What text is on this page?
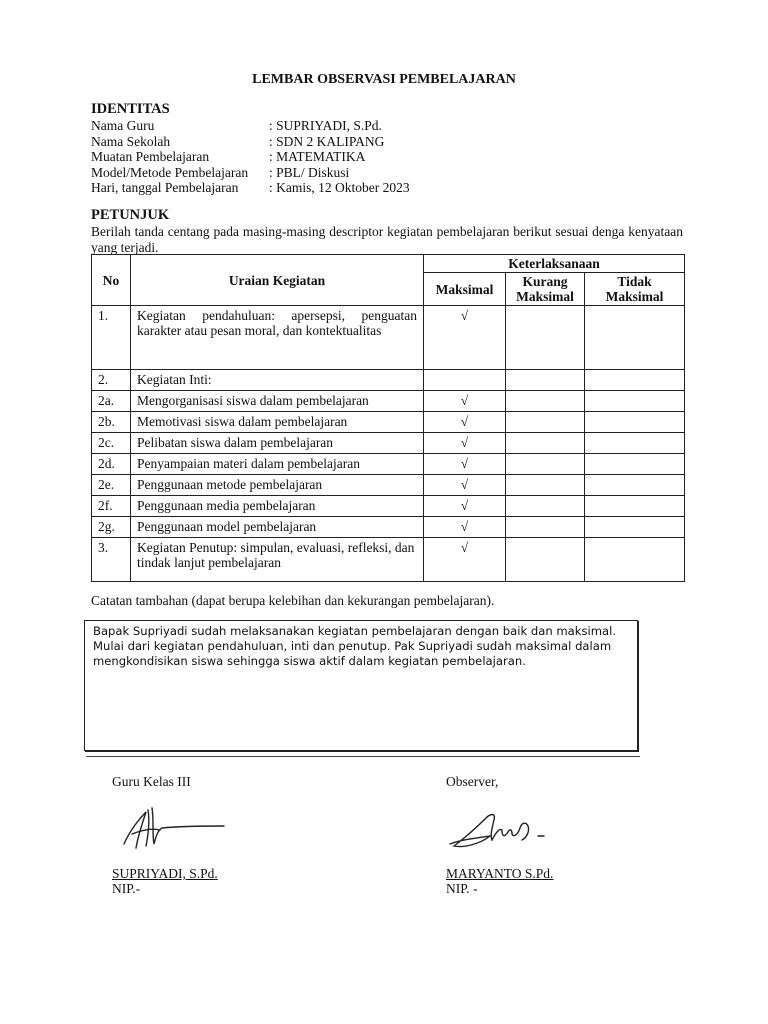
LEMBAR OBSERVASI PEMBELAJARAN
IDENTITAS
Nama Guru	: SUPRIYADI, S.Pd.
Nama Sekolah	: SDN 2 KALIPANG
Muatan Pembelajaran	: MATEMATIKA
Model/Metode Pembelajaran	: PBL/ Diskusi
Hari, tanggal Pembelajaran	: Kamis, 12 Oktober 2023
PETUNJUK
Berilah tanda centang pada masing-masing descriptor kegiatan pembelajaran berikut sesuai denga kenyataan yang terjadi.
No	Uraian Kegiatan	Keterlaksanaan		
		Maksimal	Kurang Maksimal	Tidak Maksimal
1.	Kegiatan pendahuluan: apersepsi, penguatan karakter atau pesan moral, dan kontektualitas	√		
2.	Kegiatan Inti:			
2a.	Mengorganisasi siswa dalam pembelajaran	√		
2b.	Memotivasi siswa dalam pembelajaran	√		
2c.	Pelibatan siswa dalam pembelajaran	√		
2d.	Penyampaian materi dalam pembelajaran	√		
2e.	Penggunaan metode pembelajaran	√		
2f.	Penggunaan media pembelajaran	√		
2g.	Penggunaan model pembelajaran	√		
3.	Kegiatan Penutup: simpulan, evaluasi, refleksi, dan tindak lanjut pembelajaran	√		
Catatan tambahan (dapat berupa kelebihan dan kekurangan pembelajaran).
Bapak Supriyadi sudah melaksanakan kegiatan pembelajaran dengan baik dan maksimal. Mulai dari kegiatan pendahuluan, inti dan penutup. Pak Supriyadi sudah maksimal dalam mengkondisikan siswa sehingga siswa aktif dalam kegiatan pembelajaran.
Guru Kelas III
SUPRIYADI, S.Pd.
NIP.-
Observer,
MARYANTO S.Pd.
NIP. -
